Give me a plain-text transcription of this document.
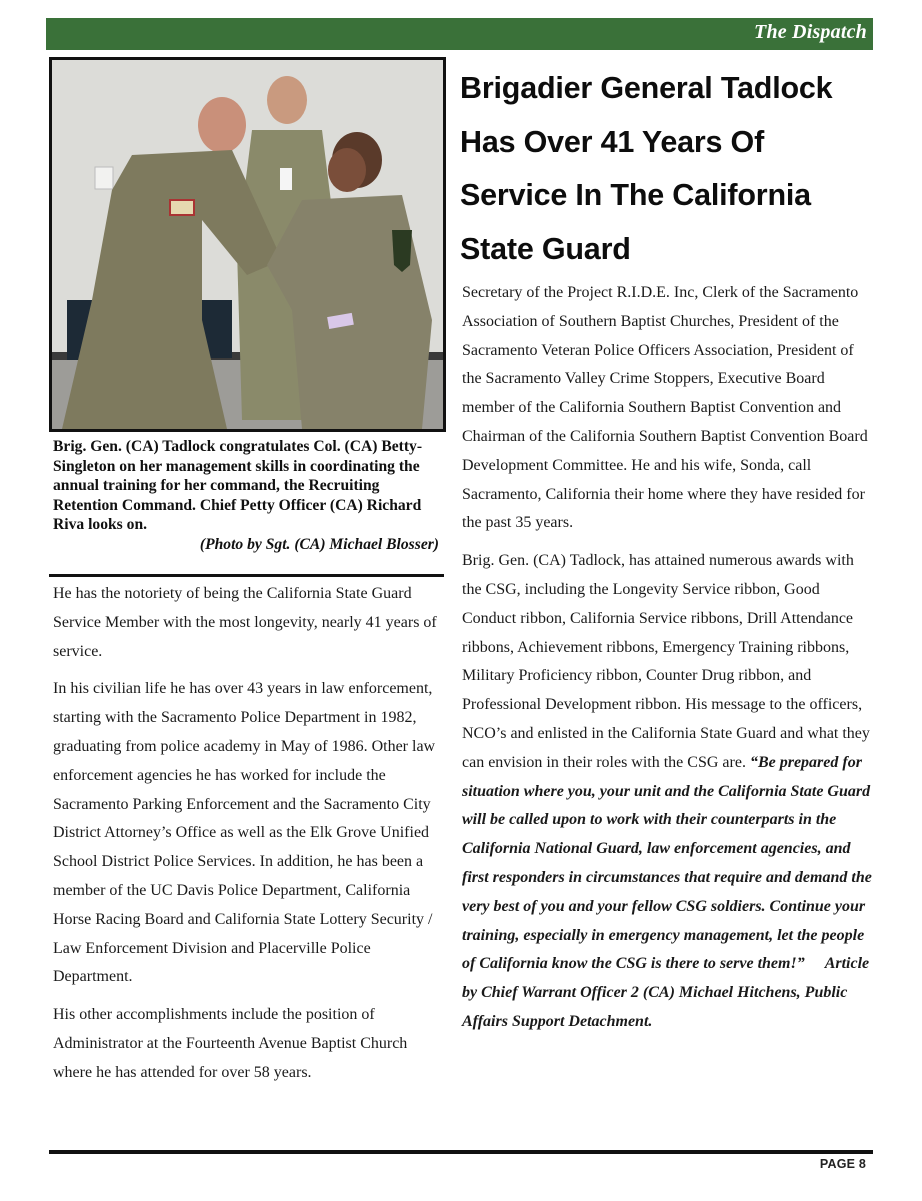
The Dispatch
Brig. Gen. (CA) Tadlock congratulates Col. (CA) Betty-Singleton on her management skills in coordinating the annual training for her command, the Recruiting Retention Command. Chief Petty Officer (CA) Richard Riva looks on.
(Photo by Sgt. (CA) Michael Blosser)

He has the notoriety of being the California State Guard Service Member with the most longevity, nearly 41 years of service.

In his civilian life he has over 43 years in law enforcement, starting with the Sacramento Police Department in 1982, graduating from police academy in May of 1986. Other law enforcement agencies he has worked for include the Sacramento Parking Enforcement and the Sacramento City District Attorney’s Office as well as the Elk Grove Unified School District Police Services. In addition, he has been a member of the UC Davis Police Department, California Horse Racing Board and California State Lottery Security / Law Enforcement Division and Placerville Police Department.

His other accomplishments include the position of Administrator at the Fourteenth Avenue Baptist Church where he has attended for over 58 years.

Brigadier General Tadlock Has Over 41 Years Of Service In The California State Guard

Secretary of the Project R.I.D.E. Inc, Clerk of the Sacramento Association of Southern Baptist Churches, President of the Sacramento Veteran Police Officers Association, President of the Sacramento Valley Crime Stoppers, Executive Board member of the California Southern Baptist Convention and Chairman of the California Southern Baptist Convention Board Development Committee. He and his wife, Sonda, call Sacramento, California their home where they have resided for the past 35 years.

Brig. Gen. (CA) Tadlock, has attained numerous awards with the CSG, including the Longevity Service ribbon, Good Conduct ribbon, California Service ribbons, Drill Attendance ribbons, Achievement ribbons, Emergency Training ribbons, Military Proficiency ribbon, Counter Drug ribbon, and Professional Development ribbon. His message to the officers, NCO’s and enlisted in the California State Guard and what they can envision in their roles with the CSG are. “Be prepared for situation where you, your unit and the California State Guard will be called upon to work with their counterparts in the California National Guard, law enforcement agencies, and first responders in circumstances that require and demand the very best of you and your fellow CSG soldiers. Continue your training, especially in emergency management, let the people of California know the CSG is there to serve them!” Article by Chief Warrant Officer 2 (CA) Michael Hitchens, Public Affairs Support Detachment.

PAGE 8
